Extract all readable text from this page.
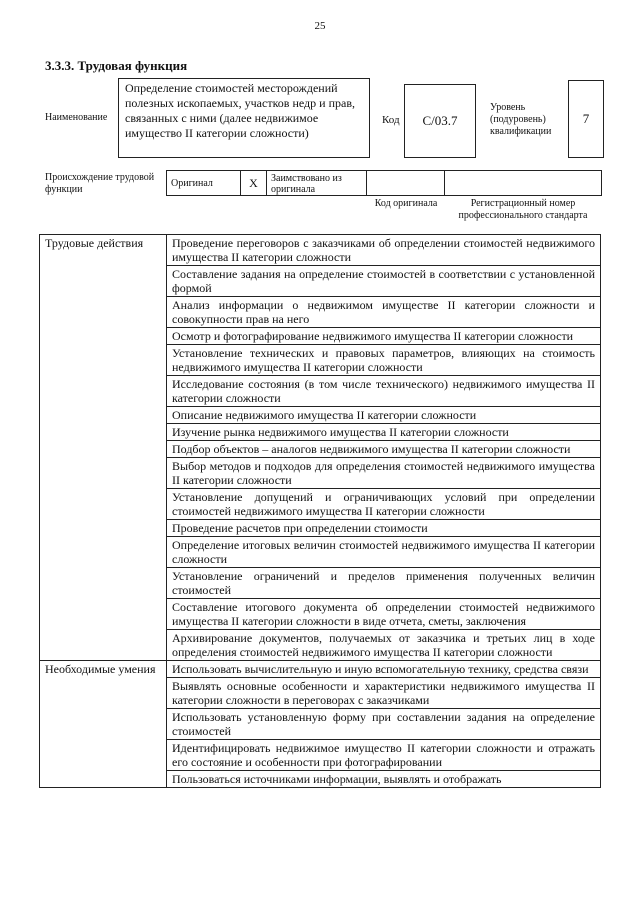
25
3.3.3. Трудовая функция
Наименование
Определение стоимостей месторождений полезных ископаемых, участков недр и прав, связанных с ними (далее недвижимое имущество II категории сложности)
Код	C/03.7
Уровень (подуровень) квалификации
7
Происхождение трудовой функции
Оригинал	X	Заимствовано из оригинала
Код оригинала	Регистрационный номер профессионального стандарта
Трудовые действия	Проведение переговоров с заказчиками об определении стоимостей недвижимого имущества II категории сложности
	Составление задания на определение стоимостей в соответствии с установленной формой
	Анализ информации о недвижимом имуществе II категории сложности и совокупности прав на него
	Осмотр и фотографирование недвижимого имущества II категории сложности
	Установление технических и правовых параметров, влияющих на стоимость недвижимого имущества II категории сложности
	Исследование состояния (в том числе технического) недвижимого имущества II категории сложности
	Описание недвижимого имущества II категории сложности
	Изучение рынка недвижимого имущества II категории сложности
	Подбор объектов – аналогов недвижимого имущества II категории сложности
	Выбор методов и подходов для определения стоимостей недвижимого имущества II категории сложности
	Установление допущений и ограничивающих условий при определении стоимостей недвижимого имущества II категории сложности
	Проведение расчетов при определении стоимости
	Определение итоговых величин стоимостей недвижимого имущества II категории сложности
	Установление ограничений и пределов применения полученных величин стоимостей
	Составление итогового документа об определении стоимостей недвижимого имущества II категории сложности в виде отчета, сметы, заключения
	Архивирование документов, получаемых от заказчика и третьих лиц в ходе определения стоимостей недвижимого имущества II категории сложности
Необходимые умения	Использовать вычислительную и иную вспомогательную технику, средства связи
	Выявлять основные особенности и характеристики недвижимого имущества II категории сложности в переговорах с заказчиками
	Использовать установленную форму при составлении задания на определение стоимостей
	Идентифицировать недвижимое имущество II категории сложности и отражать его состояние и особенности при фотографировании
	Пользоваться источниками информации, выявлять и отображать
